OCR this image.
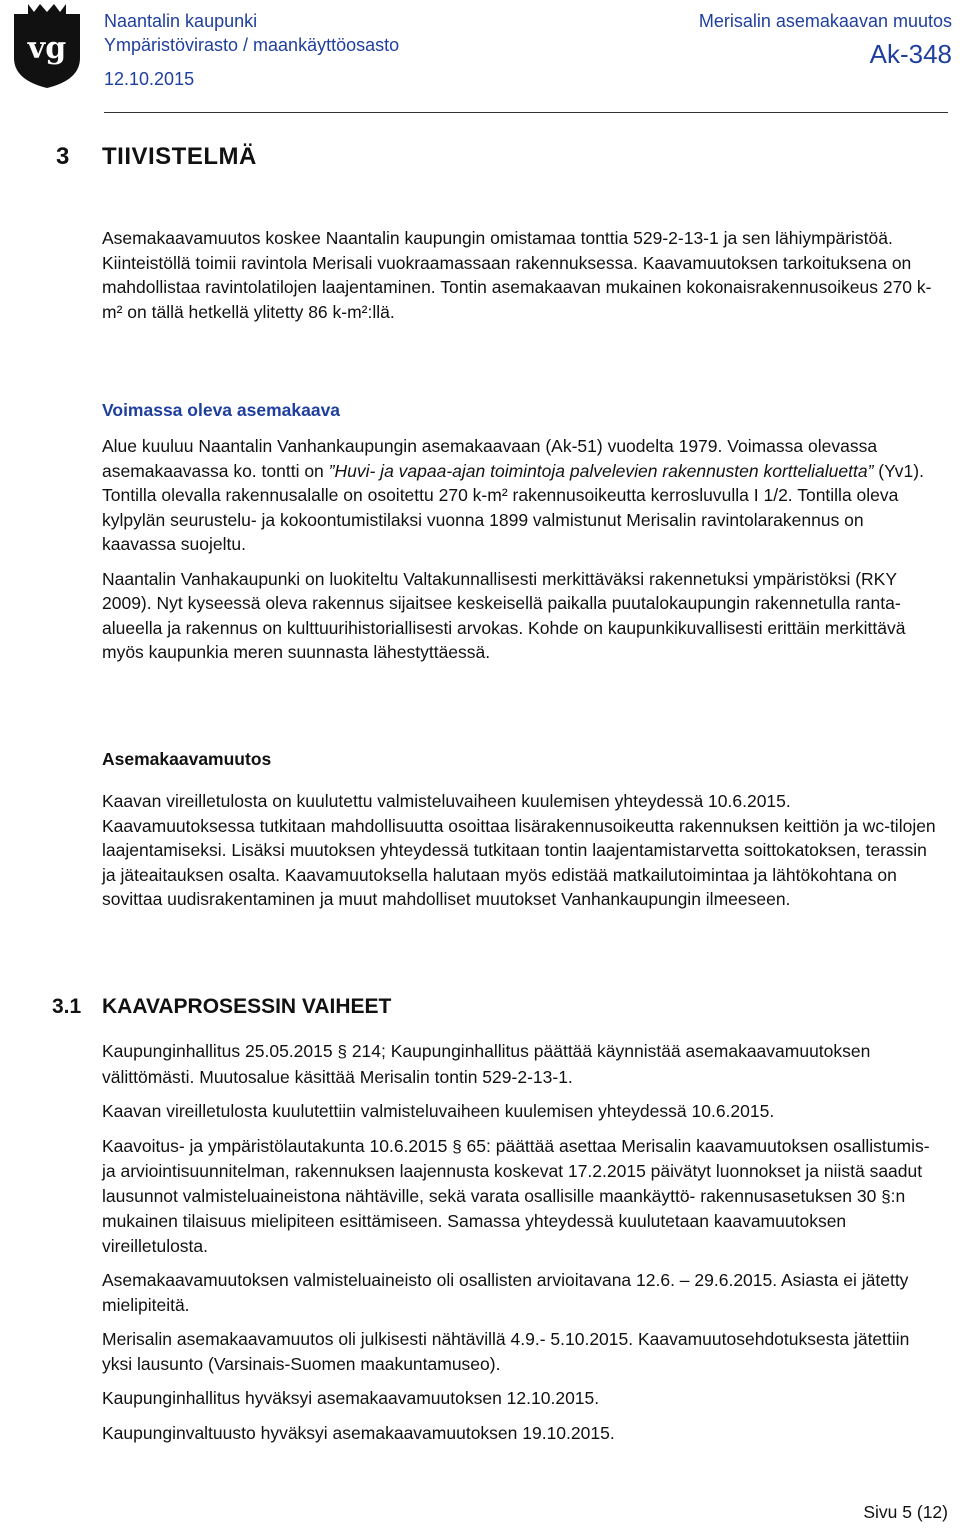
vg
Naantalin kaupunki
Ympäristövirasto / maankäyttöosasto
12.10.2015
Merisalin asemakaavan muutos
Ak-348
3 TIIVISTELMÄ

Asemakaavamuutos koskee Naantalin kaupungin omistamaa tonttia 529-2-13-1 ja sen lähiympäristöä. Kiinteistöllä toimii ravintola Merisali vuokraamassaan rakennuksessa. Kaavamuutoksen tarkoituksena on mahdollistaa ravintolatilojen laajentaminen. Tontin asemakaavan mukainen kokonaisrakennusoikeus 270 k-m² on tällä hetkellä ylitetty 86 k-m²:llä.

Voimassa oleva asemakaava

Alue kuuluu Naantalin Vanhankaupungin asemakaavaan (Ak-51) vuodelta 1979. Voimassa olevassa asemakaavassa ko. tontti on ”Huvi- ja vapaa-ajan toimintoja palvelevien rakennusten korttelialuetta” (Yv1). Tontilla olevalla rakennusalalle on osoitettu 270 k-m² rakennusoikeutta kerrosluvulla I 1/2. Tontilla oleva kylpylän seurustelu- ja kokoontumistilaksi vuonna 1899 valmistunut Merisalin ravintolarakennus on kaavassa suojeltu.

Naantalin Vanhakaupunki on luokiteltu Valtakunnallisesti merkittäväksi rakennetuksi ympäristöksi (RKY 2009). Nyt kyseessä oleva rakennus sijaitsee keskeisellä paikalla puutalokaupungin rakennetulla ranta-alueella ja rakennus on kulttuurihistoriallisesti arvokas. Kohde on kaupunkikuvallisesti erittäin merkittävä myös kaupunkia meren suunnasta lähestyttäessä.

Asemakaavamuutos

Kaavan vireilletulosta on kuulutettu valmisteluvaiheen kuulemisen yhteydessä 10.6.2015. Kaavamuutoksessa tutkitaan mahdollisuutta osoittaa lisärakennusoikeutta rakennuksen keittiön ja wc-tilojen laajentamiseksi. Lisäksi muutoksen yhteydessä tutkitaan tontin laajentamistarvetta soittokatoksen, terassin ja jäteaitauksen osalta. Kaavamuutoksella halutaan myös edistää matkailutoimintaa ja lähtökohtana on sovittaa uudisrakentaminen ja muut mahdolliset muutokset Vanhankaupungin ilmeeseen.

3.1 KAAVAPROSESSIN VAIHEET

Kaupunginhallitus 25.05.2015 § 214; Kaupunginhallitus päättää käynnistää asemakaavamuutoksen välittömästi. Muutosalue käsittää Merisalin tontin 529-2-13-1.

Kaavan vireilletulosta kuulutettiin valmisteluvaiheen kuulemisen yhteydessä 10.6.2015.

Kaavoitus- ja ympäristölautakunta 10.6.2015 § 65: päättää asettaa Merisalin kaavamuutoksen osallistumis- ja arviointisuunnitelman, rakennuksen laajennusta koskevat 17.2.2015 päivätyt luonnokset ja niistä saadut lausunnot valmisteluaineistona nähtäville, sekä varata osallisille maankäyttö- rakennusasetuksen 30 §:n mukainen tilaisuus mielipiteen esittämiseen. Samassa yhteydessä kuulutetaan kaavamuutoksen vireilletulosta.

Asemakaavamuutoksen valmisteluaineisto oli osallisten arvioitavana 12.6. – 29.6.2015. Asiasta ei jätetty mielipiteitä.

Merisalin asemakaavamuutos oli julkisesti nähtävillä 4.9.- 5.10.2015. Kaavamuutosehdotuksesta jätettiin yksi lausunto (Varsinais-Suomen maakuntamuseo).

Kaupunginhallitus hyväksyi asemakaavamuutoksen 12.10.2015.

Kaupunginvaltuusto hyväksyi asemakaavamuutoksen 19.10.2015.

Sivu 5 (12)
